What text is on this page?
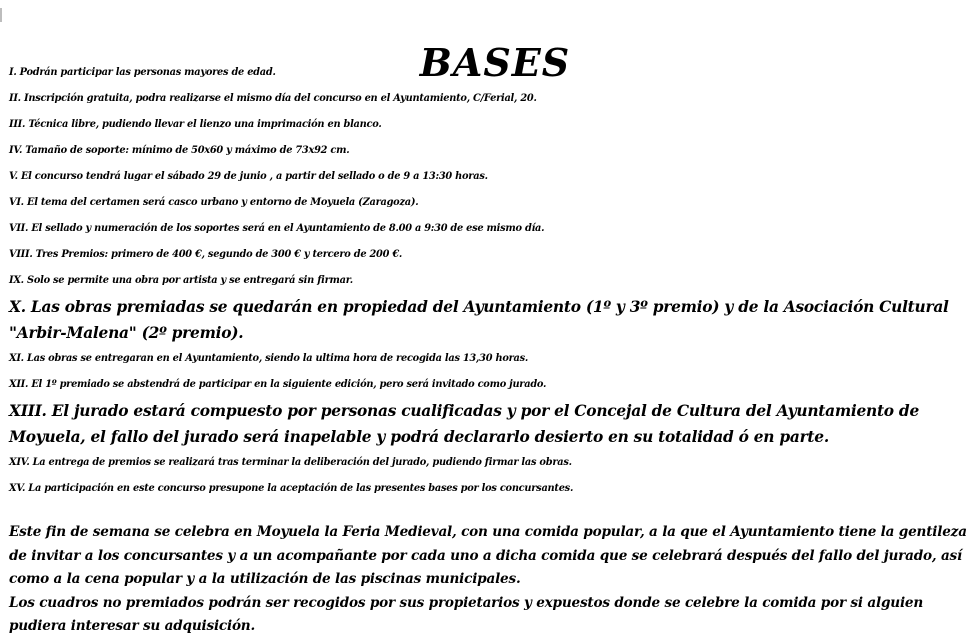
BASES
I. Podrán participar las personas mayores de edad.
II. Inscripción gratuita, podra realizarse el mismo día del concurso en el Ayuntamiento, C/Ferial, 20.
III. Técnica libre, pudiendo llevar el lienzo una imprimación en blanco.
IV. Tamaño de soporte: mínimo de 50x60 y máximo de 73x92 cm.
V. El concurso tendrá lugar el sábado 29 de junio , a partir del sellado o de 9 a 13:30 horas.
VI. El tema del certamen será casco urbano y entorno de Moyuela (Zaragoza).
VII. El sellado y numeración de los soportes será en el Ayuntamiento de 8.00 a 9:30 de ese mismo día.
VIII. Tres Premios: primero de 400 €, segundo de 300 € y tercero de 200 €.
IX. Solo se permite una obra por artista y se entregará sin firmar.
X. Las obras premiadas se quedarán en propiedad del Ayuntamiento (1º y 3º premio) y de la Asociación Cultural "Arbir-Malena" (2º premio).
XI. Las obras se entregaran en el Ayuntamiento, siendo la ultima hora de recogida las 13,30 horas.
XII. El 1º premiado se abstendrá de participar en la siguiente edición, pero será invitado como jurado.
XIII. El jurado estará compuesto por personas cualificadas y por el Concejal de Cultura del Ayuntamiento de Moyuela, el fallo del jurado será inapelable y podrá declararlo desierto en su totalidad ó en parte.
XIV. La entrega de premios se realizará tras terminar la deliberación del jurado, pudiendo firmar las obras.
XV. La participación en este concurso presupone la aceptación de las presentes bases por los concursantes.

Este fin de semana se celebra en Moyuela la Feria Medieval, con una comida popular, a la que el Ayuntamiento tiene la gentileza de invitar a los concursantes y a un acompañante por cada uno a dicha comida que se celebrará después del fallo del jurado, así como a la cena popular y a la utilización de las piscinas municipales.

Los cuadros no premiados podrán ser recogidos por sus propietarios y expuestos donde se celebre la comida por si alguien pudiera interesar su adquisición.
